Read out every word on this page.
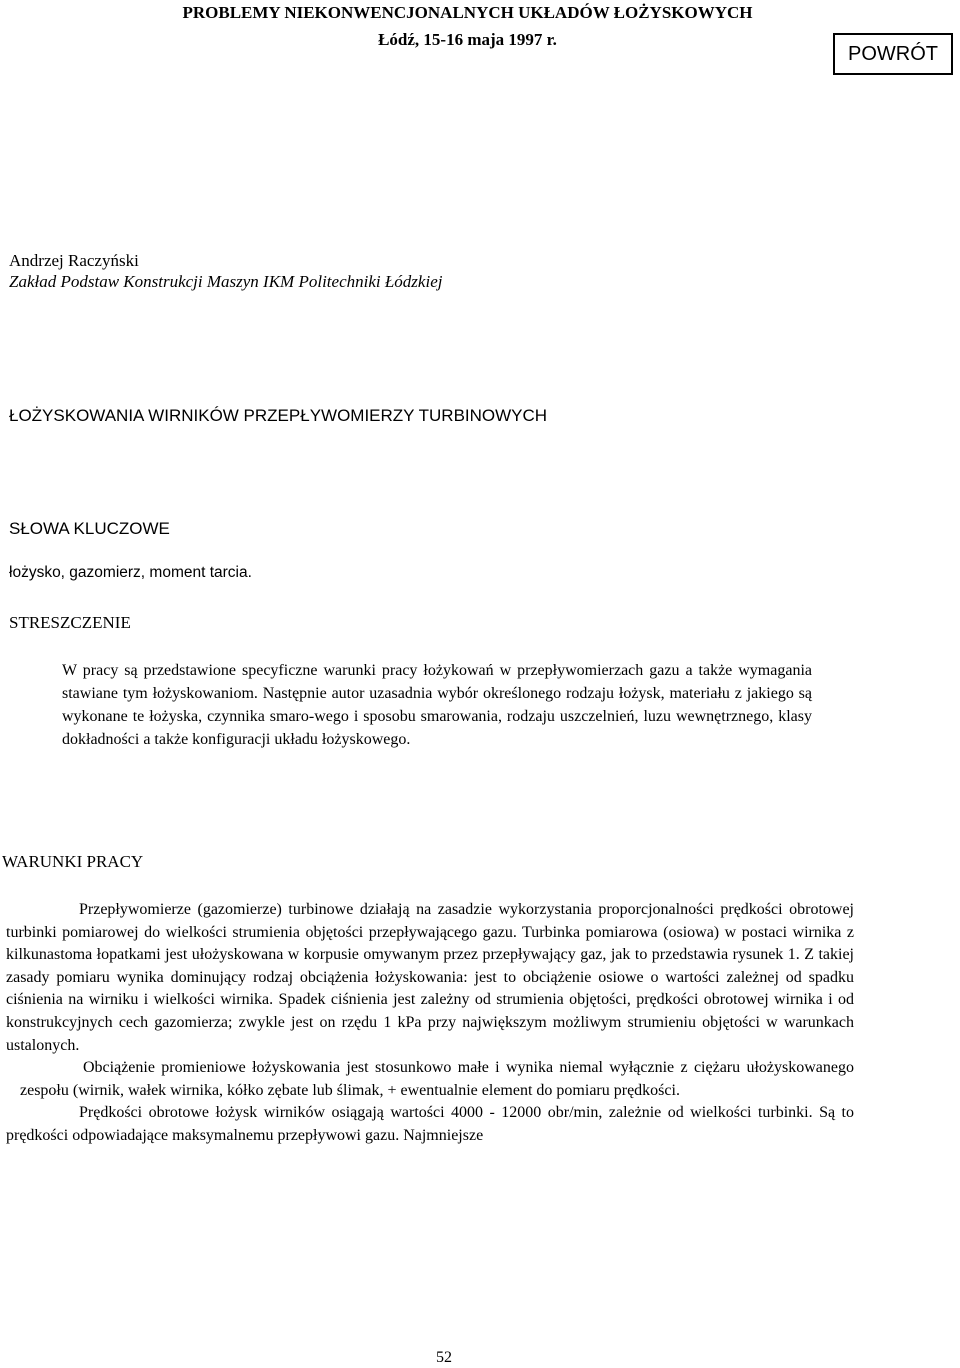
PROBLEMY NIEKONWENCJONALNYCH UKŁADÓW ŁOŻYSKOWYCH
Łódź, 15-16 maja 1997 r.
POWRÓT
Andrzej Raczyński
Zakład Podstaw Konstrukcji Maszyn IKM Politechniki Łódzkiej
ŁOŻYSKOWANIA WIRNIKÓW PRZEPŁYWOMIERZY TURBINOWYCH
SŁOWA KLUCZOWE
łożysko, gazomierz, moment tarcia.
STRESZCZENIE
W pracy są przedstawione specyficzne warunki pracy łożykowań w przepływomierzach gazu a także wymagania stawiane tym łożyskowaniom. Następnie autor uzasadnia wybór określonego rodzaju łożysk, materiału z jakiego są wykonane te łożyska, czynnika smaro-wego i sposobu smarowania, rodzaju uszczelnień, luzu wewnętrznego, klasy dokładności a także konfiguracji układu łożyskowego.
WARUNKI PRACY

Przepływomierze (gazomierze) turbinowe działają na zasadzie wykorzystania proporcjonalności prędkości obrotowej turbinki pomiarowej do wielkości strumienia objętości przepływającego gazu. Turbinka pomiarowa (osiowa) w postaci wirnika z kilkunastoma łopatkami jest ułożyskowana w korpusie omywanym przez przepływający gaz, jak to przedstawia rysunek 1. Z takiej zasady pomiaru wynika dominujący rodzaj obciążenia łożyskowania: jest to obciążenie osiowe o wartości zależnej od spadku ciśnienia na wirniku i wielkości wirnika. Spadek ciśnienia jest zależny od strumienia objętości, prędkości obrotowej wirnika i od konstrukcyjnych cech gazomierza; zwykle jest on rzędu 1 kPa przy największym możliwym strumieniu objętości w warunkach ustalonych.

Obciążenie promieniowe łożyskowania jest stosunkowo małe i wynika niemal wyłącznie z ciężaru ułożyskowanego zespołu (wirnik, wałek wirnika, kółko zębate lub ślimak, + ewentualnie element do pomiaru prędkości.

Prędkości obrotowe łożysk wirników osiągają wartości 4000 - 12000 obr/min, zależnie od wielkości turbinki. Są to prędkości odpowiadające maksymalnemu przepływowi gazu. Najmniejsze

52
